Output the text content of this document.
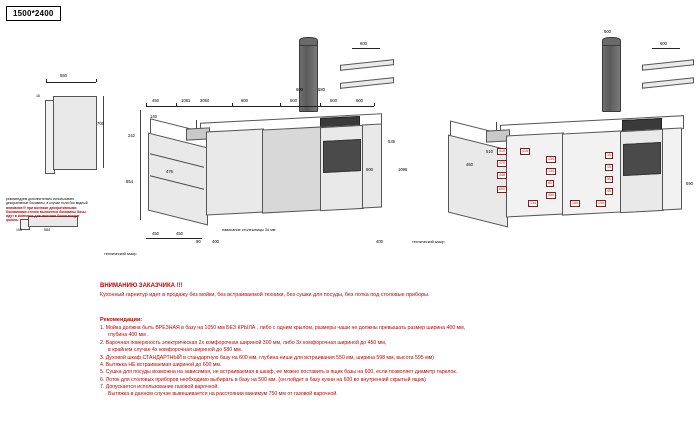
1500*2400
550
16
700
100	584
рекомендуем дополнительно использовать декоративные боковины, в случае если бок видный
внимание!!! при монтаже декоративными боковинами стенки выносятся боковины базы идут в комплект для монтажа боков входит цоколь:
600
450	1081 3050	600	600	600	600
680
600
242
140
854
476	500
535
450	450
90	400	400
технический зазор
нависание столешницы 34 мм
технический зазор
600
410	415
470
448
600
134
134
80
450
15
15
55
45
150	150
134
460
510
1096
590
600
ВНИМАНИЮ ЗАКАЗЧИКА !!!
Кухонный гарнитур идет в продажу без мойки, без встраиваемой техники, без сушки для посуды, без лотка под столовые приборы.
Рекомендации:
1. Мойка должна быть ВРЕЗНАЯ в базу на 1050 мм БЕЗ КРЫЛА , либо с одним крылом, размеры чаши не должны превышать размер ширина 400 мм,
глубина 400 мм .
2. Варочная поверхность электрическая 2х комфорочная шириной 300 мм, либо 3х комфорочная шириной до 450 мм,
в крайнем случае 4х комфорочная шириной до 580 мм.
3. Духовой шкаф СТАНДАРТНЫЙ в стандартную базу на 600 мм, глубина ниши для встраивания 550 мм, ширина 598 мм, высота 595 мм)
4. Вытяжка НЕ встраиваемая шириной до 600 мм.
5. Сушка для посуды возможна на зависимая, не встраиваемая в шкаф, ее можно поставить в ящик базы на 600, если позволяет диаметр тарелок.
6. Лоток для столовых приборов необходимо выбирать в базу на 500 мм. (он пойдет в базу кухни на 600 во внутренний скрытый ящик)
7. Допускается использование газовой варочной.
Вытяжка в данном случае вывешивается на расстоянии минимум 750 мм от газовой варочной.
